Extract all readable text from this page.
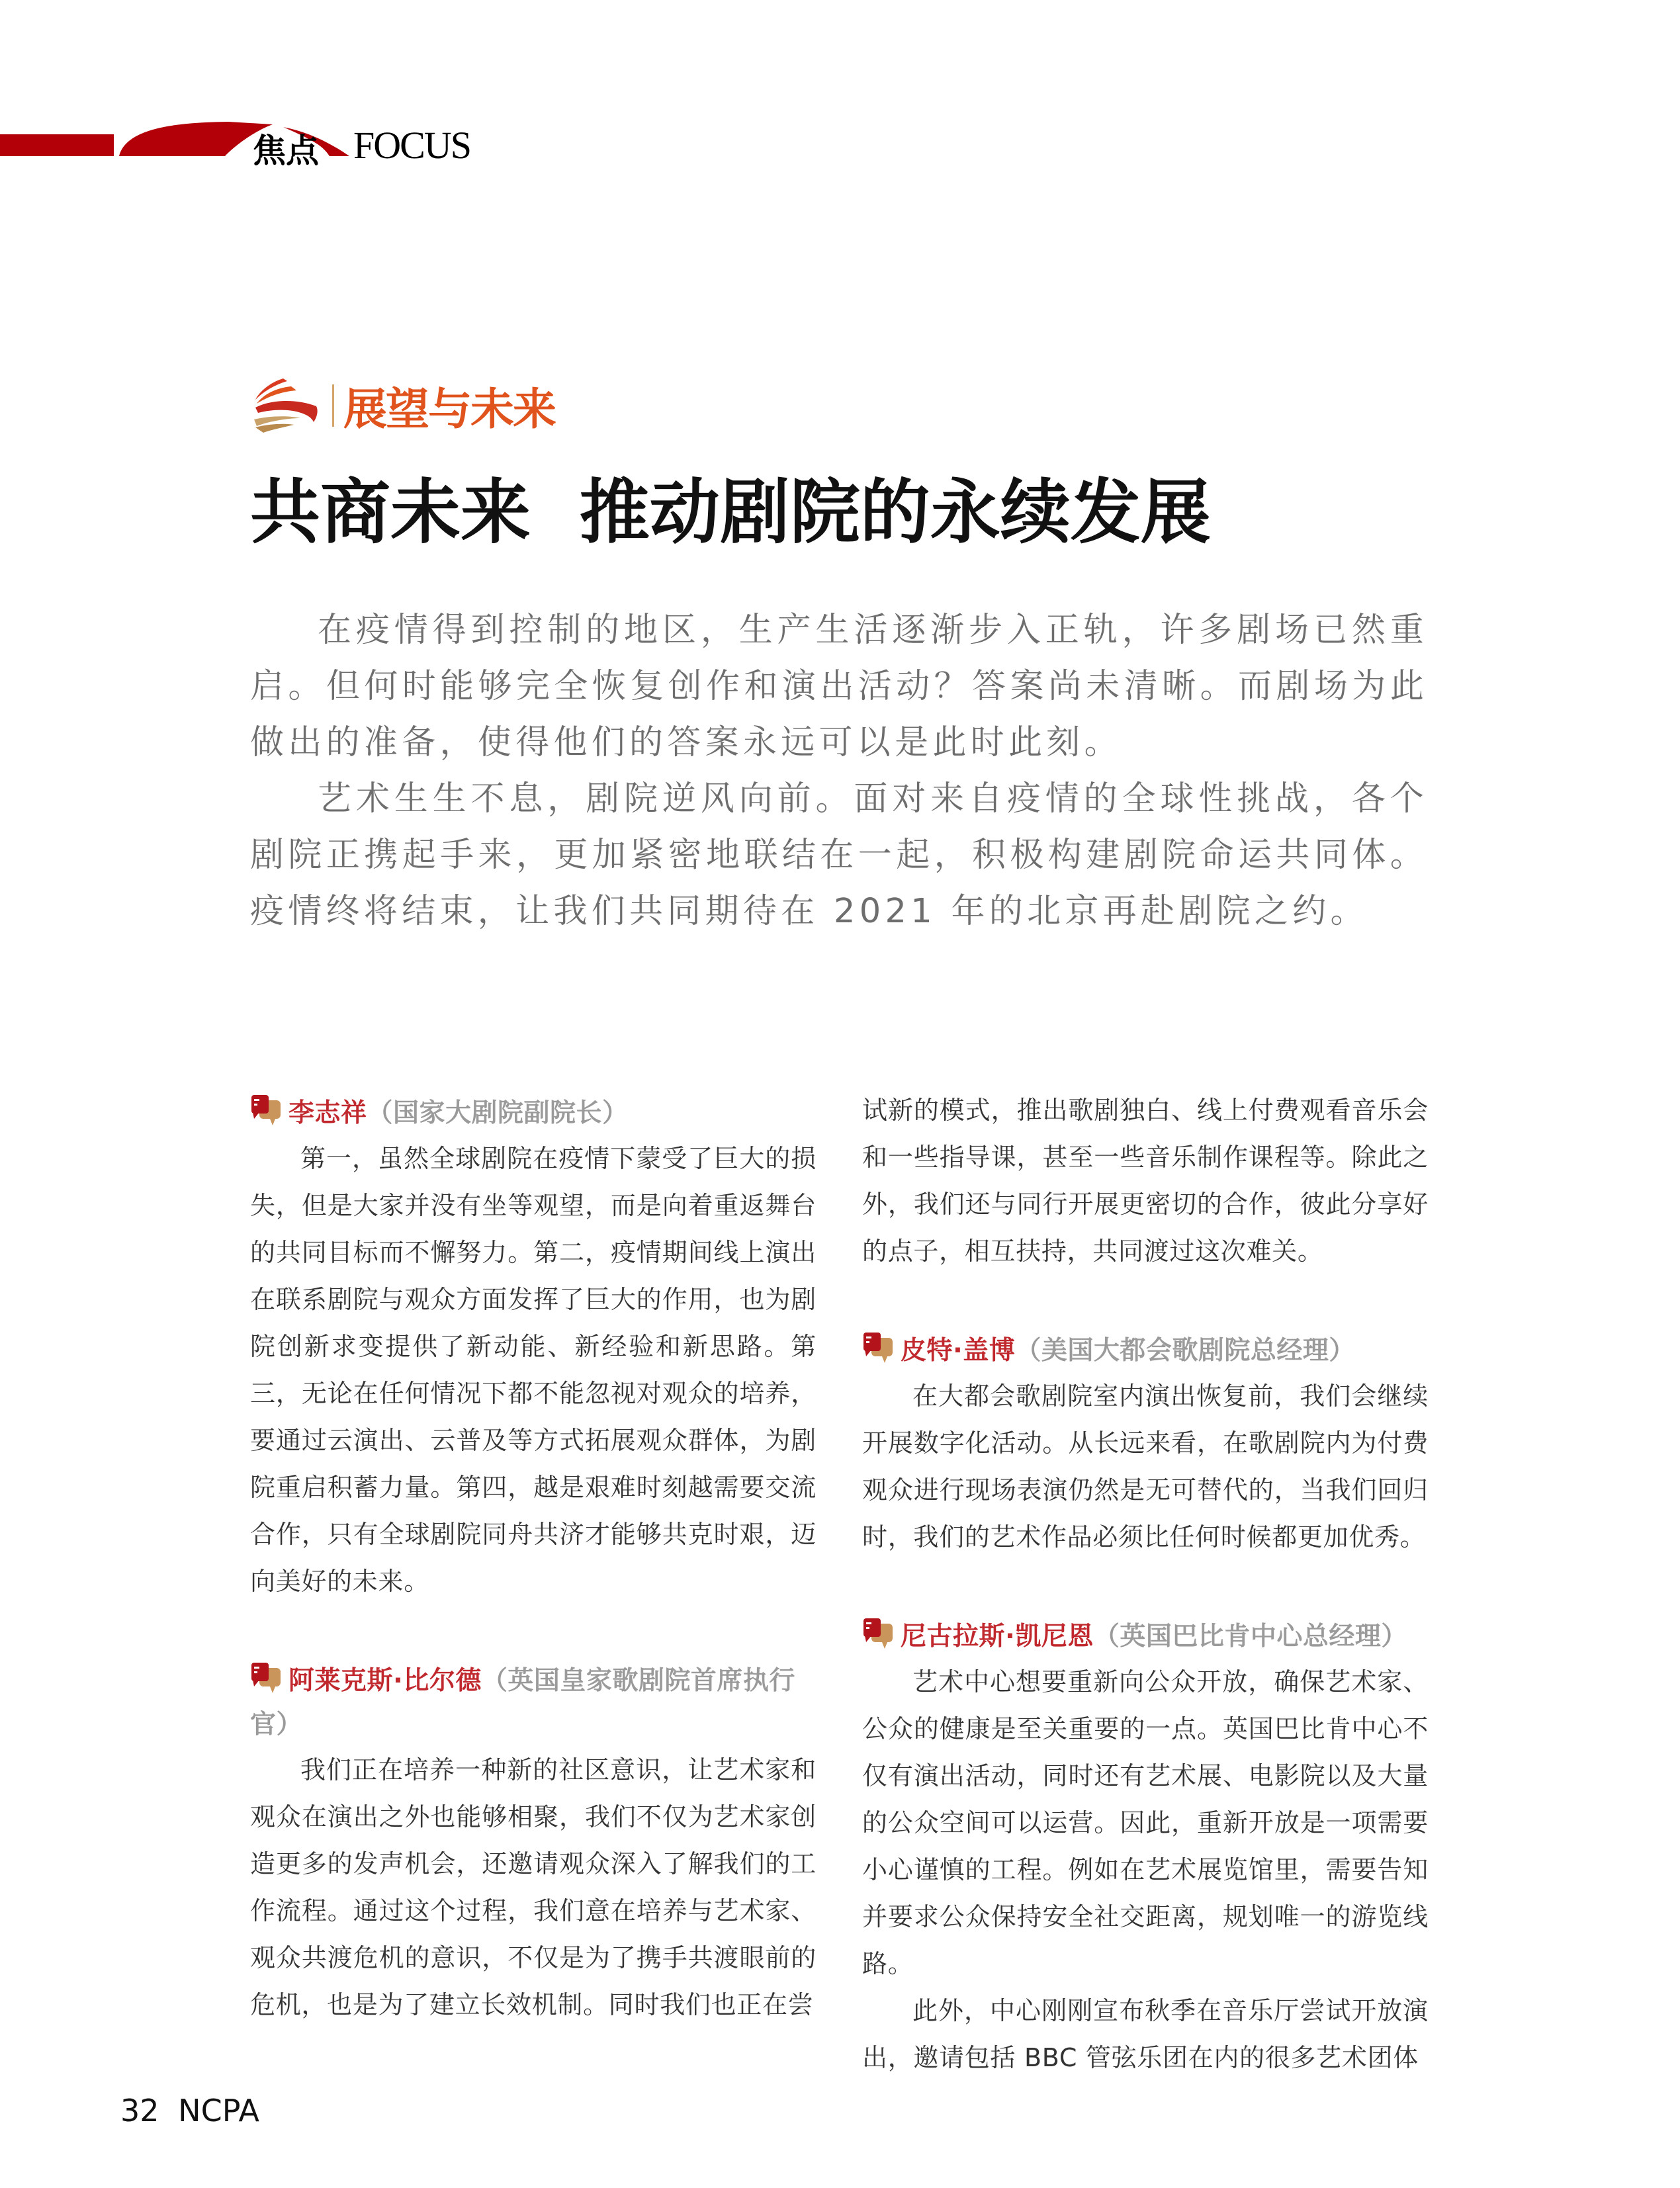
焦点 FOCUS
展望与未来
共商未来  推动剧院的永续发展

在疫情得到控制的地区，生产生活逐渐步入正轨，许多剧场已然重启。但何时能够完全恢复创作和演出活动？答案尚未清晰。而剧场为此做出的准备，使得他们的答案永远可以是此时此刻。

艺术生生不息，剧院逆风向前。面对来自疫情的全球性挑战，各个剧院正携起手来，更加紧密地联结在一起，积极构建剧院命运共同体。疫情终将结束，让我们共同期待在 2021 年的北京再赴剧院之约。

李志祥（国家大剧院副院长）

第一，虽然全球剧院在疫情下蒙受了巨大的损失，但是大家并没有坐等观望，而是向着重返舞台的共同目标而不懈努力。第二，疫情期间线上演出在联系剧院与观众方面发挥了巨大的作用，也为剧院创新求变提供了新动能、新经验和新思路。第三，无论在任何情况下都不能忽视对观众的培养，要通过云演出、云普及等方式拓展观众群体，为剧院重启积蓄力量。第四，越是艰难时刻越需要交流合作，只有全球剧院同舟共济才能够共克时艰，迈向美好的未来。

阿莱克斯·比尔德（英国皇家歌剧院首席执行官）

我们正在培养一种新的社区意识，让艺术家和观众在演出之外也能够相聚，我们不仅为艺术家创造更多的发声机会，还邀请观众深入了解我们的工作流程。通过这个过程，我们意在培养与艺术家、观众共渡危机的意识，不仅是为了携手共渡眼前的危机，也是为了建立长效机制。同时我们也正在尝

试新的模式，推出歌剧独白、线上付费观看音乐会和一些指导课，甚至一些音乐制作课程等。除此之外，我们还与同行开展更密切的合作，彼此分享好的点子，相互扶持，共同渡过这次难关。

皮特·盖博（美国大都会歌剧院总经理）

在大都会歌剧院室内演出恢复前，我们会继续开展数字化活动。从长远来看，在歌剧院内为付费观众进行现场表演仍然是无可替代的，当我们回归时，我们的艺术作品必须比任何时候都更加优秀。

尼古拉斯·凯尼恩（英国巴比肯中心总经理）

艺术中心想要重新向公众开放，确保艺术家、公众的健康是至关重要的一点。英国巴比肯中心不仅有演出活动，同时还有艺术展、电影院以及大量的公众空间可以运营。因此，重新开放是一项需要小心谨慎的工程。例如在艺术展览馆里，需要告知并要求公众保持安全社交距离，规划唯一的游览线路。

此外，中心刚刚宣布秋季在音乐厅尝试开放演出，邀请包括 BBC 管弦乐团在内的很多艺术团体

32 NCPA
